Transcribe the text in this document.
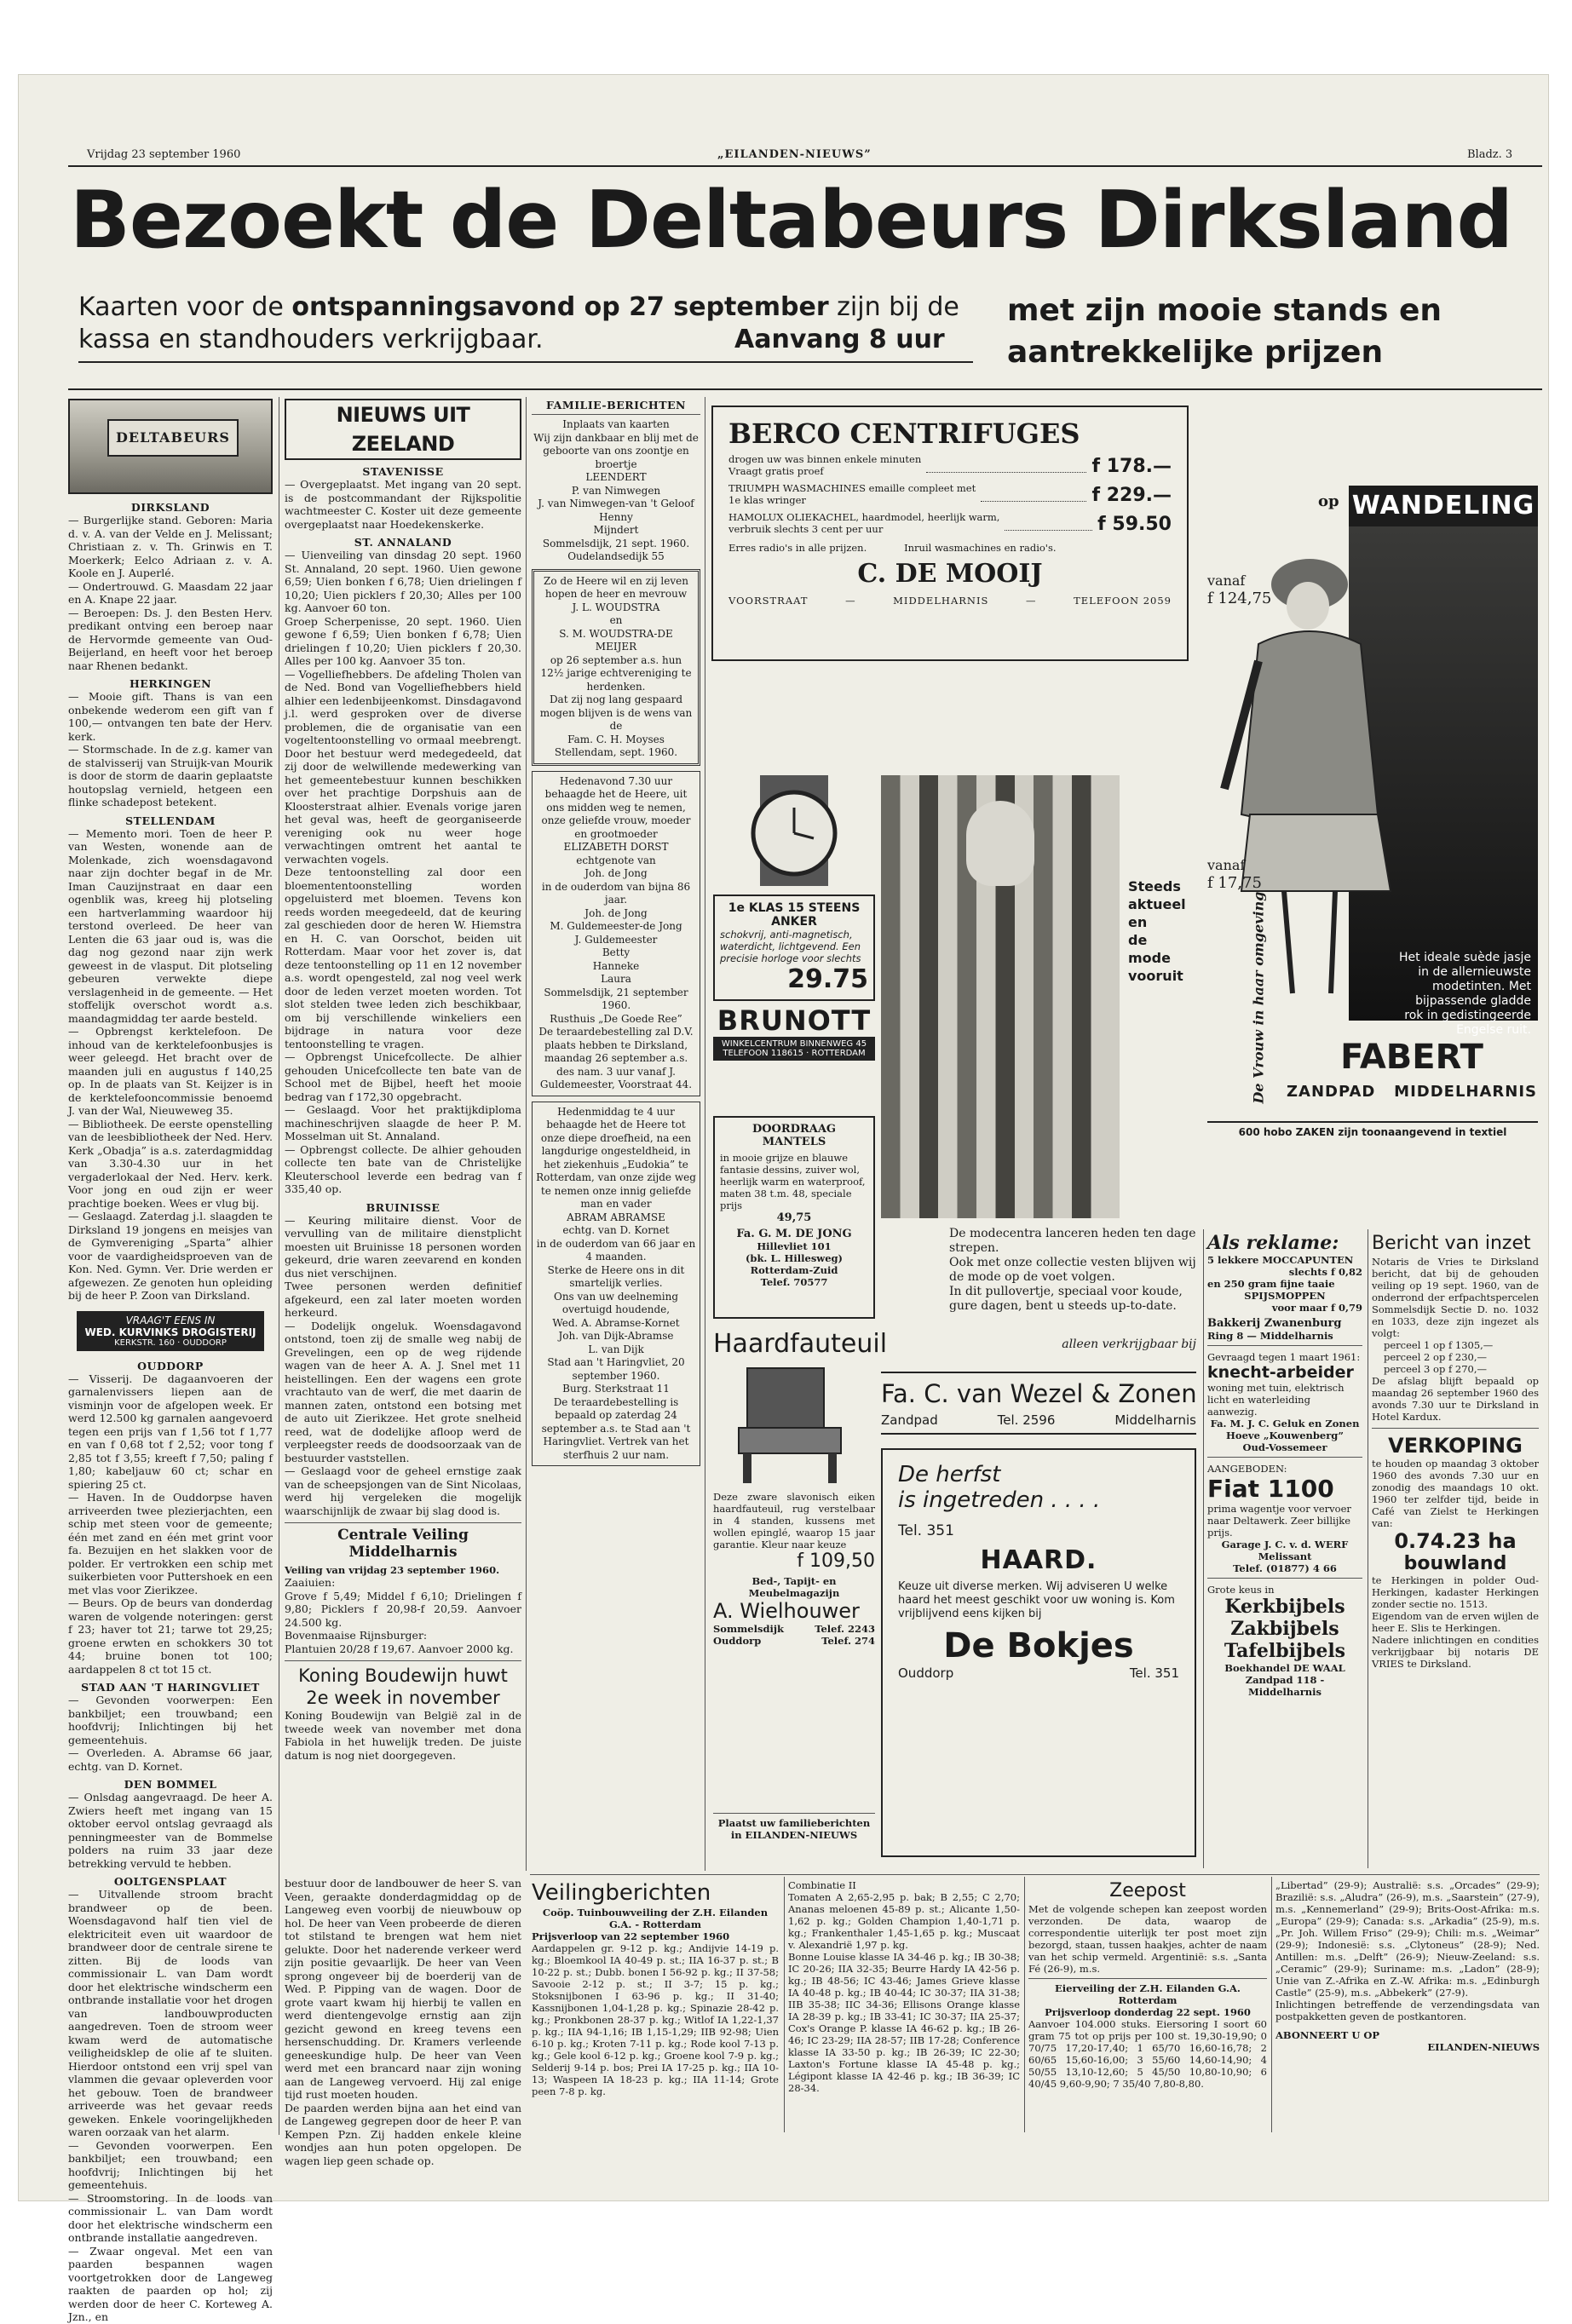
Vrijdag 23 september 1960	„EILANDEN-NIEUWS”	Bladz. 3
Bezoekt de Deltabeurs Dirksland
Kaarten voor de ontspanningsavond op 27 september zijn bij de
kassa en standhouders verkrijgbaar.	Aanvang 8 uur
met zijn mooie stands en
aantrekkelijke prijzen
DELTABEURS
DIRKSLAND
— Burgerlijke stand. Geboren: Maria d. v. A. van der Velde en J. Melissant; Christiaan z. v. Th. Grinwis en T. Moerkerk; Eelco Adriaan z. v. A. Koole en J. Auperlé.
— Ondertrouwd. G. Maasdam 22 jaar en A. Knape 22 jaar.
— Beroepen: Ds. J. den Besten Herv. predikant ontving een beroep naar de Hervormde gemeente van Oud-Beijerland, en heeft voor het beroep naar Rhenen bedankt.
HERKINGEN
— Mooie gift. Thans is van een onbekende wederom een gift van f 100,— ontvangen ten bate der Herv. kerk.
— Stormschade. In de z.g. kamer van de stalvisserij van Struijk-van Mourik is door de storm de daarin geplaatste houtopslag vernield, hetgeen een flinke schadepost betekent.
STELLENDAM
— Memento mori. Toen de heer P. van Westen, wonende aan de Molenkade, zich woensdagavond naar zijn dochter begaf in de Mr. Iman Cauzijnstraat en daar een ogenblik was, kreeg hij plotseling een hartverlamming waardoor hij terstond overleed. De heer van Lenten die 63 jaar oud is, was die dag nog gezond naar zijn werk geweest in de vlasput. Dit plotseling gebeuren verwekte diepe verslagenheid in de gemeente. — Het stoffelijk overschot wordt a.s. maandagmiddag ter aarde besteld.
— Opbrengst kerktelefoon. De inhoud van de kerktelefoonbusjes is weer geleegd. Het bracht over de maanden juli en augustus f 140,25 op. In de plaats van St. Keijzer is in de kerktelefooncommissie benoemd J. van der Wal, Nieuweweg 35.
— Bibliotheek. De eerste openstelling van de leesbibliotheek der Ned. Herv. Kerk „Obadja” is a.s. zaterdagmiddag van 3.30-4.30 uur in het vergaderlokaal der Ned. Herv. kerk. Voor jong en oud zijn er weer prachtige boeken. Wees er vlug bij.
— Geslaagd. Zaterdag j.l. slaagden te Dirksland 19 jongens en meisjes van de Gymvereniging „Sparta” alhier voor de vaardigheidsproeven van de Kon. Ned. Gymn. Ver. Drie werden er afgewezen. Ze genoten hun opleiding bij de heer P. Zoon van Dirksland.
VRAAG'T EENS IN
WED. KURVINKS DROGISTERIJ
KERKSTR. 160 · OUDDORP
OUDDORP
— Visserij. De dagaanvoeren der garnalenvissers liepen aan de visminjn voor de afgelopen week. Er werd 12.500 kg garnalen aangevoerd tegen een prijs van f 1,56 tot f 1,77 en van f 0,68 tot f 2,52; voor tong f 2,85 tot f 3,55; kreeft f 7,50; paling f 1,80; kabeljauw 60 ct; schar en spiering 25 ct.
— Haven. In de Ouddorpse haven arriveerden twee plezierjachten, een schip met steen voor de gemeente; één met zand en één met grint voor fa. Bezuijen en het slakken voor de polder. Er vertrokken een schip met suikerbieten voor Puttershoek en een met vlas voor Zierikzee.
— Beurs. Op de beurs van donderdag waren de volgende noteringen: gerst f 23; haver tot 21; tarwe tot 29,25; groene erwten en schokkers 30 tot 44; bruine bonen tot 100; aardappelen 8 ct tot 15 ct.
STAD AAN 'T HARINGVLIET
— Gevonden voorwerpen: Een bankbiljet; een trouwband; een hoofdvrij; Inlichtingen bij het gemeentehuis.
— Overleden. A. Abramse 66 jaar, echtg. van D. Kornet.
DEN BOMMEL
— Onlsdag aangevraagd. De heer A. Zwiers heeft met ingang van 15 oktober eervol ontslag gevraagd als penningmeester van de Bommelse polders na ruim 33 jaar deze betrekking vervuld te hebben.
OOLTGENSPLAAT
— Uitvallende stroom bracht brandweer op de been. Woensdagavond half tien viel de elektriciteit even uit waardoor de brandweer door de centrale sirene te zitten. Bij de loods van commissionair L. van Dam wordt door het elektrische windscherm een ontbrande installatie voor het drogen van landbouwproducten aangedreven. Toen de stroom weer kwam werd de automatische veiligheidsklep de olie af te sluiten. Hierdoor ontstond een vrij spel van vlammen die gevaar opleverden voor het gebouw. Toen de brandweer arriveerde was het gevaar reeds geweken. Enkele vooringelijkheden waren oorzaak van het alarm.
— Gevonden voorwerpen. Een bankbiljet; een trouwband; een hoofdvrij; Inlichtingen bij het gemeentehuis.
— Stroomstoring. In de loods van commissionair L. van Dam wordt door het elektrische windscherm een ontbrande installatie aangedreven.
— Zwaar ongeval. Met een van paarden bespannen wagen voortgetrokken door de Langeweg raakten de paarden op hol; zij werden door de heer C. Korteweg A. Jzn., en
NIEUWS UIT ZEELAND
STAVENISSE
— Overgeplaatst. Met ingang van 20 sept. is de postcommandant der Rijkspolitie wachtmeester C. Koster uit deze gemeente overgeplaatst naar Hoedekenskerke.
ST. ANNALAND
— Uienveiling van dinsdag 20 sept. 1960 St. Annaland, 20 sept. 1960. Uien gewone 6,59; Uien bonken f 6,78; Uien drielingen f 10,20; Uien picklers f 20,30; Alles per 100 kg. Aanvoer 60 ton.
Groep Scherpenisse, 20 sept. 1960. Uien gewone f 6,59; Uien bonken f 6,78; Uien drielingen f 10,20; Uien picklers f 20,30. Alles per 100 kg. Aanvoer 35 ton.
— Vogelliefhebbers. De afdeling Tholen van de Ned. Bond van Vogelliefhebbers hield alhier een ledenbijeenkomst. Dinsdagavond j.l. werd gesproken over de diverse problemen, die de organisatie van een vogeltentoonstelling vo ormaal meebrengt. Door het bestuur werd medegedeeld, dat zij door de welwillende medewerking van het gemeentebestuur kunnen beschikken over het prachtige Dorpshuis aan de Kloosterstraat alhier. Evenals vorige jaren het geval was, heeft de georganiseerde vereniging ook nu weer hoge verwachtingen omtrent het aantal te verwachten vogels.
Deze tentoonstelling zal door een bloemententoonstelling worden opgeluisterd met bloemen. Tevens kon reeds worden meegedeeld, dat de keuring zal geschieden door de heren W. Hiemstra en H. C. van Oorschot, beiden uit Rotterdam. Maar voor het zover is, dat deze tentoonstelling op 11 en 12 november a.s. wordt opengesteld, zal nog veel werk door de leden verzet moeten worden. Tot slot stelden twee leden zich beschikbaar, om bij verschillende winkeliers een bijdrage in natura voor deze tentoonstelling te vragen.
— Opbrengst Unicefcollecte. De alhier gehouden Unicefcollecte ten bate van de School met de Bijbel, heeft het mooie bedrag van f 172,30 opgebracht.
— Geslaagd. Voor het praktijkdiploma machineschrijven slaagde de heer P. M. Mosselman uit St. Annaland.
— Opbrengst collecte. De alhier gehouden collecte ten bate van de Christelijke Kleuterschool leverde een bedrag van f 335,40 op.
BRUINISSE
— Keuring militaire dienst. Voor de vervulling van de militaire dienstplicht moesten uit Bruinisse 18 personen worden gekeurd, drie waren zeevarend en konden dus niet verschijnen.
Twee personen werden definitief afgekeurd, een zal later moeten worden herkeurd.
— Dodelijk ongeluk. Woensdagavond ontstond, toen zij de smalle weg nabij de Grevelingen, een op de weg rijdende wagen van de heer A. A. J. Snel met 11 heistellingen. Een der wagens een grote vrachtauto van de werf, die met daarin de mannen zaten, ontstond een botsing met de auto uit Zierikzee. Het grote snelheid reed, wat de dodelijke afloop werd de verpleegster reeds de doodsoorzaak van de bestuurder vaststellen.
— Geslaagd voor de geheel ernstige zaak van de scheepsjongen van de Sint Nicolaas, werd hij vergeleken die mogelijk waarschijnlijk de zwaar bij slag dood is.
Centrale Veiling Middelharnis
Veiling van vrijdag 23 september 1960.
Zaaiuien:
Grove f 5,49; Middel f 6,10; Drielingen f 9,80; Picklers f 20,98-f 20,59. Aanvoer 24.500 kg.
Bovenmaaise Rijnsburger:
Plantuien 20/28 f 19,67. Aanvoer 2000 kg.
Koning Boudewijn huwt
2e week in november
Koning Boudewijn van België zal in de tweede week van november met dona Fabiola in het huwelijk treden. De juiste datum is nog niet doorgegeven.
FAMILIE-BERICHTEN
Inplaats van kaarten
Wij zijn dankbaar en blij met de geboorte van ons zoontje en broertje
LEENDERT
P. van Nimwegen
J. van Nimwegen-van 't Geloof
Henny
Mijndert
Sommelsdijk, 21 sept. 1960.
Oudelandsedijk 55
Zo de Heere wil en zij leven hopen de heer en mevrouw
J. L. WOUDSTRA
en
S. M. WOUDSTRA-DE MEIJER
op 26 september a.s. hun 12½ jarige echtvereniging te herdenken.
Dat zij nog lang gespaard mogen blijven is de wens van de
Fam. C. H. Moyses
Stellendam, sept. 1960.
Hedenavond 7.30 uur behaagde het de Heere, uit ons midden weg te nemen, onze geliefde vrouw, moeder en grootmoeder
ELIZABETH DORST
echtgenote van
Joh. de Jong
in de ouderdom van bijna 86 jaar.
Joh. de Jong
M. Guldemeester-de Jong
J. Guldemeester
Betty
Hanneke
Laura
Sommelsdijk, 21 september 1960.
Rusthuis „De Goede Ree”
De teraardebestelling zal D.V. plaats hebben te Dirksland, maandag 26 september a.s. des nam. 3 uur vanaf J. Guldemeester, Voorstraat 44.
Hedenmiddag te 4 uur behaagde het de Heere tot onze diepe droefheid, na een langdurige ongesteldheid, in het ziekenhuis „Eudokia” te Rotterdam, van onze zijde weg te nemen onze innig geliefde man en vader
ABRAM ABRAMSE
echtg. van D. Kornet
in de ouderdom van 66 jaar en 4 maanden.
Sterke de Heere ons in dit smartelijk verlies.
Ons van uw deelneming overtuigd houdende,
Wed. A. Abramse-Kornet
Joh. van Dijk-Abramse
L. van Dijk
Stad aan 't Haringvliet, 20 september 1960.
Burg. Sterkstraat 11
De teraardebestelling is bepaald op zaterdag 24 september a.s. te Stad aan 't Haringvliet. Vertrek van het sterfhuis 2 uur nam.
BERCO CENTRIFUGES
drogen uw was binnen enkele minuten
Vraagt gratis proef	f 178.—
TRIUMPH WASMACHINES emaille compleet met
1e klas wringer	f 229.—
HAMOLUX OLIEKACHEL, haardmodel, heerlijk warm,
verbruik slechts 3 cent per uur	f 59.50
Erres radio's in alle prijzen.            Inruil wasmachines en radio's.
C. DE MOOIJ
VOORSTRAAT	—	MIDDELHARNIS	—	TELEFOON 2059
op WANDELING
vanaf
f 124,75
vanaf
f 17,75
De Vrouw in haar omgeving	Het ideale suède jasje in de allernieuwste modetinten. Met bijpassende gladde rok in gedistingeerde Engelse ruit.
FABERT
ZANDPAD   MIDDELHARNIS
600 hobo ZAKEN zijn toonaangevend in textiel
1e KLAS 15 STEENS
ANKER
schokvrij, anti-magnetisch, waterdicht, lichtgevend. Een precisie horloge voor slechts
29.75
BRUNOTT
WINKELCENTRUM BINNENWEG 45
TELEFOON 118615 · ROTTERDAM
DOORDRAAG
MANTELS
in mooie grijze en blauwe fantasie dessins, zuiver wol, heerlijk warm en waterproof, maten 38 t.m. 48, speciale prijs
49,75
Fa. G. M. DE JONG
Hillevliet 101
(bk. L. Hillesweg)
Rotterdam-Zuid
Telef. 70577
Haardfauteuil
Deze zware slavonisch eiken haardfauteuil, rug verstelbaar in 4 standen, kussens met wollen epinglé, waarop 15 jaar garantie. Kleur naar keuze
f 109,50
Bed-, Tapijt- en Meubelmagazijn
A. Wielhouwer
Sommelsdijk	Telef. 2243
Ouddorp	Telef. 274
Plaatst uw familieberichten
in EILANDEN-NIEUWS
Steeds
aktueel
en
de
mode
vooruit
De modecentra lanceren heden ten dage strepen.
Ook met onze collectie vesten blijven wij de mode op de voet volgen.
In dit pullovertje, speciaal voor koude, gure dagen, bent u steeds up-to-date.
alleen verkrijgbaar bij
Fa. C. van Wezel & Zonen
Zandpad	Tel. 2596	Middelharnis
De herfst
is ingetreden . . . .
Tel. 351
HAARD.
Keuze uit diverse merken. Wij adviseren U welke haard het meest geschikt voor uw woning is. Kom vrijblijvend eens kijken bij
De Bokjes
Ouddorp	Tel. 351
Als reklame:
5 lekkere MOCCAPUNTEN
slechts f 0,82
en 250 gram fijne taaie
SPIJSMOPPEN
voor maar f 0,79
Bakkerij Zwanenburg
Ring 8 — Middelharnis
Gevraagd tegen 1 maart 1961:
knecht-arbeider
woning met tuin, elektrisch licht en waterleiding aanwezig.
Fa. M. J. C. Geluk en Zonen
Hoeve „Kouwenberg”
Oud-Vossemeer
AANGEBODEN:
Fiat 1100
prima wagentje voor vervoer naar Deltawerk. Zeer billijke prijs.
Garage J. C. v. d. WERF
Melissant
Telef. (01877) 4 66
Grote keus in
Kerkbijbels
Zakbijbels
Tafelbijbels
Boekhandel DE WAAL
Zandpad 118 - Middelharnis
Bericht van inzet
Notaris de Vries te Dirksland bericht, dat bij de gehouden veiling op 19 sept. 1960, van de onderrond der erfpachtspercelen Sommelsdijk Sectie D. no. 1032 en 1033, deze zijn ingezet als volgt:
perceel 1 op f 1305,—
perceel 2 op f 230,—
perceel 3 op f 270,—
De afslag blijft bepaald op maandag 26 september 1960 des avonds 7.30 uur te Dirksland in Hotel Kardux.
VERKOPING
te houden op maandag 3 oktober 1960 des avonds 7.30 uur en zonodig des maandags 10 okt. 1960 ter zelfder tijd, beide in Café van Zielst te Herkingen van:
0.74.23 ha
bouwland
te Herkingen in polder Oud-Herkingen, kadaster Herkingen zonder sectie no. 1513.
Eigendom van de erven wijlen de heer E. Slis te Herkingen.
Nadere inlichtingen en condities verkrijgbaar bij notaris DE VRIES te Dirksland.
bestuur door de landbouwer de heer S. van Veen, geraakte donderdagmiddag op de Langeweg even voorbij de nieuwbouw op hol. De heer van Veen probeerde de dieren tot stilstand te brengen wat hem niet gelukte. Door het naderende verkeer werd zijn positie gevaarlijk. De heer van Veen sprong ongeveer bij de boerderij van de Wed. P. Pipping van de wagen. Door de grote vaart kwam hij hierbij te vallen en werd dientengevolge ernstig aan zijn gezicht gewond en kreeg tevens een hersenschudding. Dr. Kramers verleende geneeskundige hulp. De heer van Veen werd met een brancard naar zijn woning aan de Langeweg vervoerd. Hij zal enige tijd rust moeten houden.
De paarden werden bijna aan het eind van de Langeweg gegrepen door de heer P. van Kempen Pzn. Zij hadden enkele kleine wondjes aan hun poten opgelopen. De wagen liep geen schade op.
Veilingberichten
Coöp. Tuinbouwveiling der Z.H. Eilanden G.A. - Rotterdam
Prijsverloop van 22 september 1960
Aardappelen gr. 9-12 p. kg.; Andijvie 14-19 p. kg.; Bloemkool IA 40-49 p. st.; IIA 16-37 p. st.; B 10-22 p. st.; Dubb. bonen I 56-92 p. kg.; II 37-58; Savooie 2-12 p. st.; II 3-7; 15 p. kg.; Stoksnijbonen I 63-96 p. kg.; II 31-40; Kassnijbonen 1,04-1,28 p. kg.; Spinazie 28-42 p. kg.; Pronkbonen 28-37 p. kg.; Witlof IA 1,22-1,37 p. kg.; IIA 94-1,16; IB 1,15-1,29; IIB 92-98; Uien 6-10 p. kg.; Kroten 7-11 p. kg.; Rode kool 7-13 p. kg.; Gele kool 6-12 p. kg.; Groene kool 7-9 p. kg.; Selderij 9-14 p. bos; Prei IA 17-25 p. kg.; IIA 10-13; Waspeen IA 18-23 p. kg.; IIA 11-14; Grote peen 7-8 p. kg.
Combinatie II
Tomaten A 2,65-2,95 p. bak; B 2,55; C 2,70; Ananas meloenen 45-89 p. st.; Alicante 1,50-1,62 p. kg.; Golden Champion 1,40-1,71 p. kg.; Frankenthaler 1,45-1,65 p. kg.; Muscaat v. Alexandrië 1,97 p. kg.
Bonne Louise klasse IA 34-46 p. kg.; IB 30-38; IC 20-26; IIA 32-35; Beurre Hardy IA 42-56 p. kg.; IB 48-56; IC 43-46; James Grieve klasse IA 40-48 p. kg.; IB 40-44; IC 30-37; IIA 31-38; IIB 35-38; IIC 34-36; Ellisons Orange klasse IA 28-39 p. kg.; IB 33-41; IC 30-37; IIA 25-37; Cox's Orange P. klasse IA 46-62 p. kg.; IB 26-46; IC 23-29; IIA 28-57; IIB 17-28; Conference klasse IA 33-50 p. kg.; IB 26-39; IC 22-30; Laxton's Fortune klasse IA 45-48 p. kg.; Légipont klasse IA 42-46 p. kg.; IB 36-39; IC 28-34.
Zeepost
Met de volgende schepen kan zeepost worden verzonden. De data, waarop de correspondentie uiterlijk ter post moet zijn bezorgd, staan, tussen haakjes, achter de naam van het schip vermeld. Argentinië: s.s. „Santa Fé (26-9), m.s.
Eierveiling der Z.H. Eilanden G.A. Rotterdam
Prijsverloop donderdag 22 sept. 1960
Aanvoer 104.000 stuks. Eiersoring I soort 60 gram 75 tot op prijs per 100 st. 19,30-19,90; 0 70/75 17,20-17,40; 1 65/70 16,60-16,78; 2 60/65 15,60-16,00; 3 55/60 14,60-14,90; 4 50/55 13,10-12,60; 5 45/50 10,80-10,90; 6 40/45 9,60-9,90; 7 35/40 7,80-8,80.
„Libertad” (29-9); Australië: s.s. „Orcades” (29-9); Brazilië: s.s. „Aludra” (26-9), m.s. „Saarstein” (27-9), m.s. „Kennemerland” (29-9); Brits-Oost-Afrika: m.s. „Europa” (29-9); Canada: s.s. „Arkadia” (25-9), m.s. „Pr. Joh. Willem Friso” (29-9); Chili: m.s. „Weimar” (29-9); Indonesië: s.s. „Clytoneus” (28-9); Ned. Antillen: m.s. „Delft” (26-9); Nieuw-Zeeland: s.s. „Ceramic” (29-9); Suriname: m.s. „Ladon” (28-9); Unie van Z.-Afrika en Z.-W. Afrika: m.s. „Edinburgh Castle” (25-9), m.s. „Abbekerk” (27-9).
Inlichtingen betreffende de verzendingsdata van postpakketten geven de postkantoren.
ABONNEERT U OP
EILANDEN-NIEUWS
